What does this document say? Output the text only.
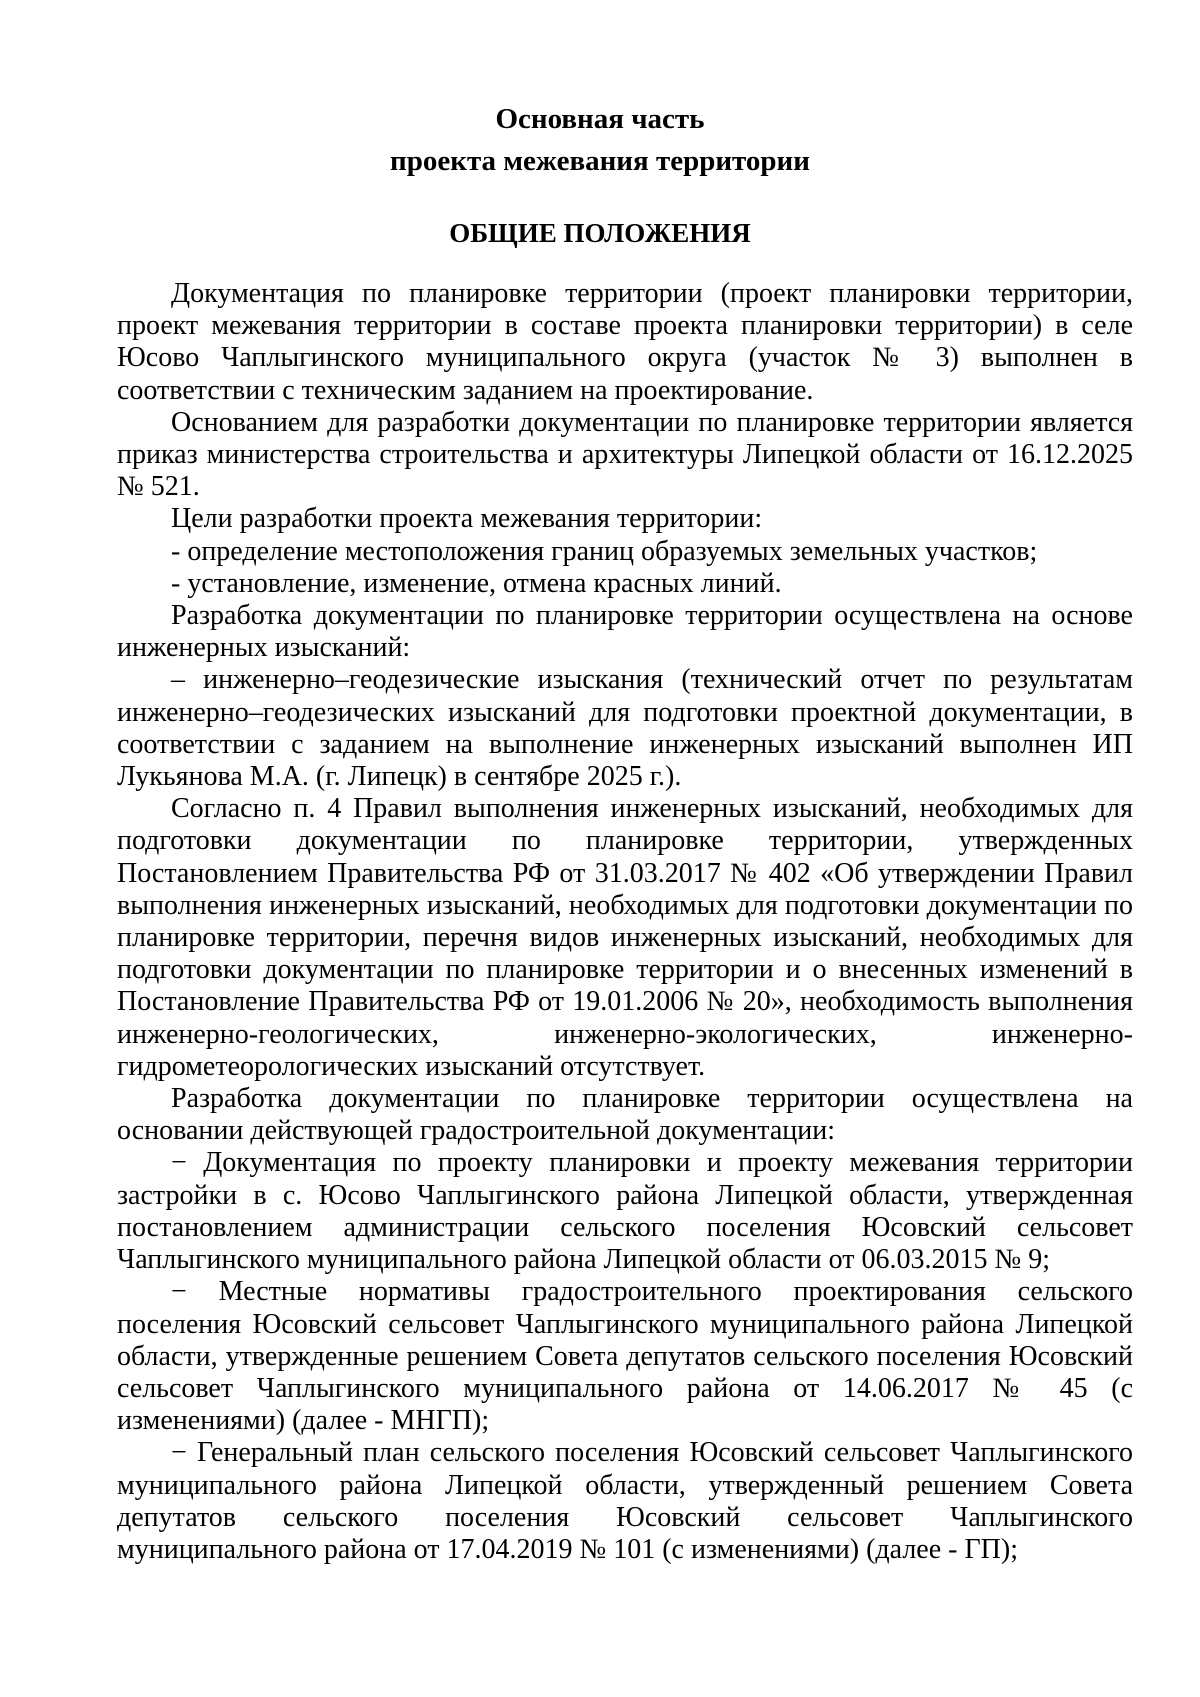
Основная часть

проекта межевания территории

ОБЩИЕ ПОЛОЖЕНИЯ

Документация по планировке территории (проект планировки территории, проект межевания территории в составе проекта планировки территории) в селе Юсово Чаплыгинского муниципального округа (участок № 3) выполнен в соответствии с техническим заданием на проектирование.

Основанием для разработки документации по планировке территории является приказ министерства строительства и архитектуры Липецкой области от 16.12.2025 № 521.

Цели разработки проекта межевания территории:

- определение местоположения границ образуемых земельных участков;

- установление, изменение, отмена красных линий.

Разработка документации по планировке территории осуществлена на основе инженерных изысканий:

– инженерно–геодезические изыскания (технический отчет по результатам инженерно–геодезических изысканий для подготовки проектной документации, в соответствии с заданием на выполнение инженерных изысканий выполнен ИП Лукьянова М.А. (г. Липецк) в сентябре 2025 г.).

Согласно п. 4 Правил выполнения инженерных изысканий, необходимых для подготовки документации по планировке территории, утвержденных Постановлением Правительства РФ от 31.03.2017 № 402 «Об утверждении Правил выполнения инженерных изысканий, необходимых для подготовки документации по планировке территории, перечня видов инженерных изысканий, необходимых для подготовки документации по планировке территории и о внесенных изменений в Постановление Правительства РФ от 19.01.2006 № 20», необходимость выполнения инженерно-геологических, инженерно-экологических, инженерно-гидрометеорологических изысканий отсутствует.

Разработка документации по планировке территории осуществлена на основании действующей градостроительной документации:

− Документация по проекту планировки и проекту межевания территории застройки в с. Юсово Чаплыгинского района Липецкой области, утвержденная постановлением администрации сельского поселения Юсовский сельсовет Чаплыгинского муниципального района Липецкой области от 06.03.2015 № 9;

− Местные нормативы градостроительного проектирования сельского поселения Юсовский сельсовет Чаплыгинского муниципального района Липецкой области, утвержденные решением Совета депутатов сельского поселения Юсовский сельсовет Чаплыгинского муниципального района от 14.06.2017 № 45 (с изменениями) (далее - МНГП);

− Генеральный план сельского поселения Юсовский сельсовет Чаплыгинского муниципального района Липецкой области, утвержденный решением Совета депутатов сельского поселения Юсовский сельсовет Чаплыгинского муниципального района от 17.04.2019 № 101 (с изменениями) (далее - ГП);
